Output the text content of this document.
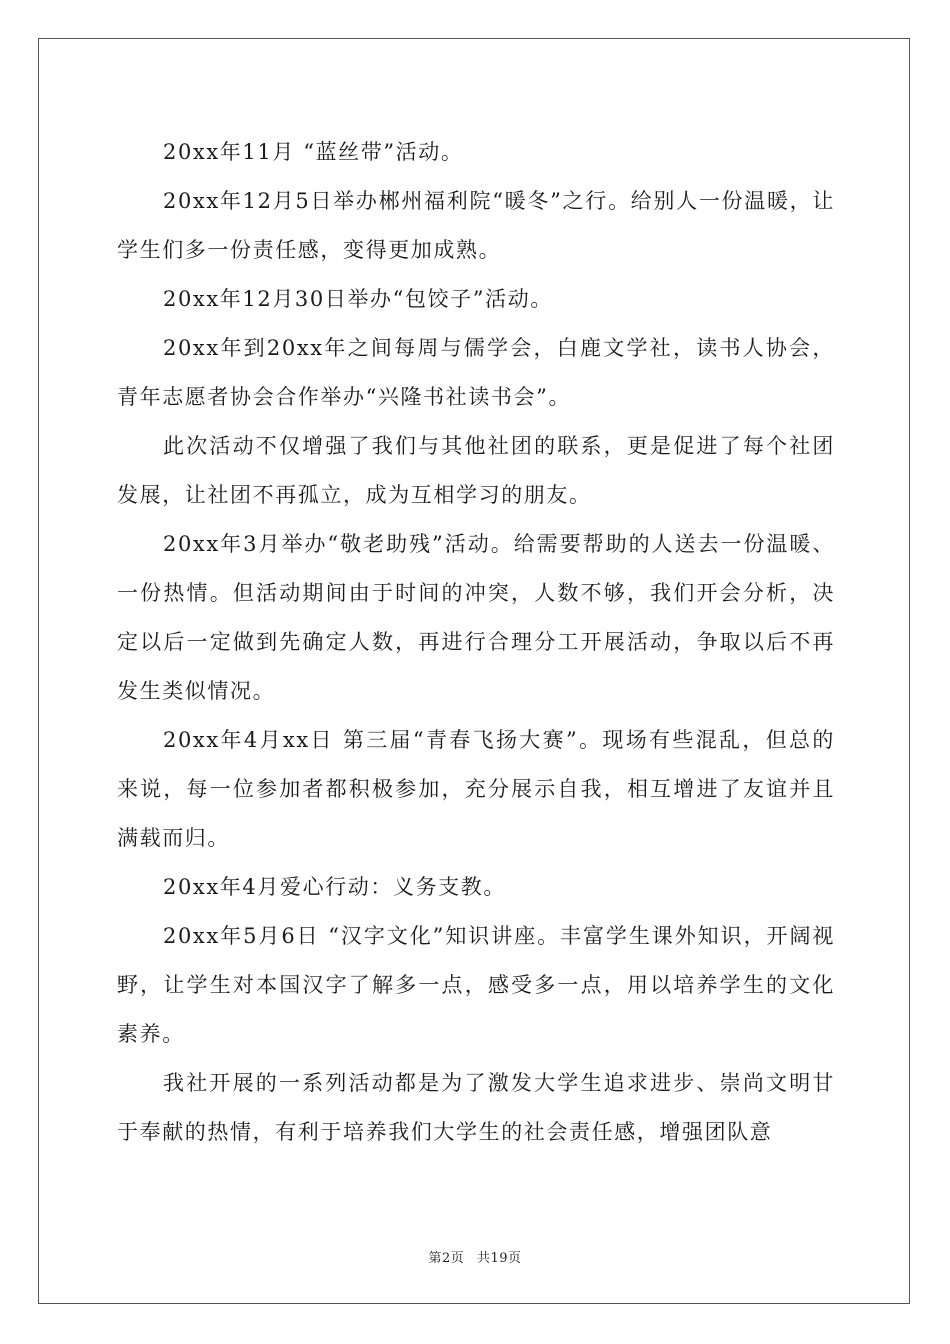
20xx年11月 “蓝丝带”活动。

20xx年12月5日举办郴州福利院“暖冬”之行。给别人一份温暖，让学生们多一份责任感，变得更加成熟。

20xx年12月30日举办“包饺子”活动。

20xx年到20xx年之间每周与儒学会，白鹿文学社，读书人协会，青年志愿者协会合作举办“兴隆书社读书会”。

此次活动不仅增强了我们与其他社团的联系，更是促进了每个社团发展，让社团不再孤立，成为互相学习的朋友。

20xx年3月举办“敬老助残”活动。给需要帮助的人送去一份温暖、一份热情。但活动期间由于时间的冲突，人数不够，我们开会分析，决定以后一定做到先确定人数，再进行合理分工开展活动，争取以后不再发生类似情况。

20xx年4月xx日 第三届“青春飞扬大赛”。现场有些混乱，但总的来说，每一位参加者都积极参加，充分展示自我，相互增进了友谊并且满载而归。

20xx年4月爱心行动：义务支教。

20xx年5月6日 “汉字文化”知识讲座。丰富学生课外知识，开阔视野，让学生对本国汉字了解多一点，感受多一点，用以培养学生的文化素养。

我社开展的一系列活动都是为了激发大学生追求进步、崇尚文明甘于奉献的热情，有利于培养我们大学生的社会责任感，增强团队意

第2页 共19页
